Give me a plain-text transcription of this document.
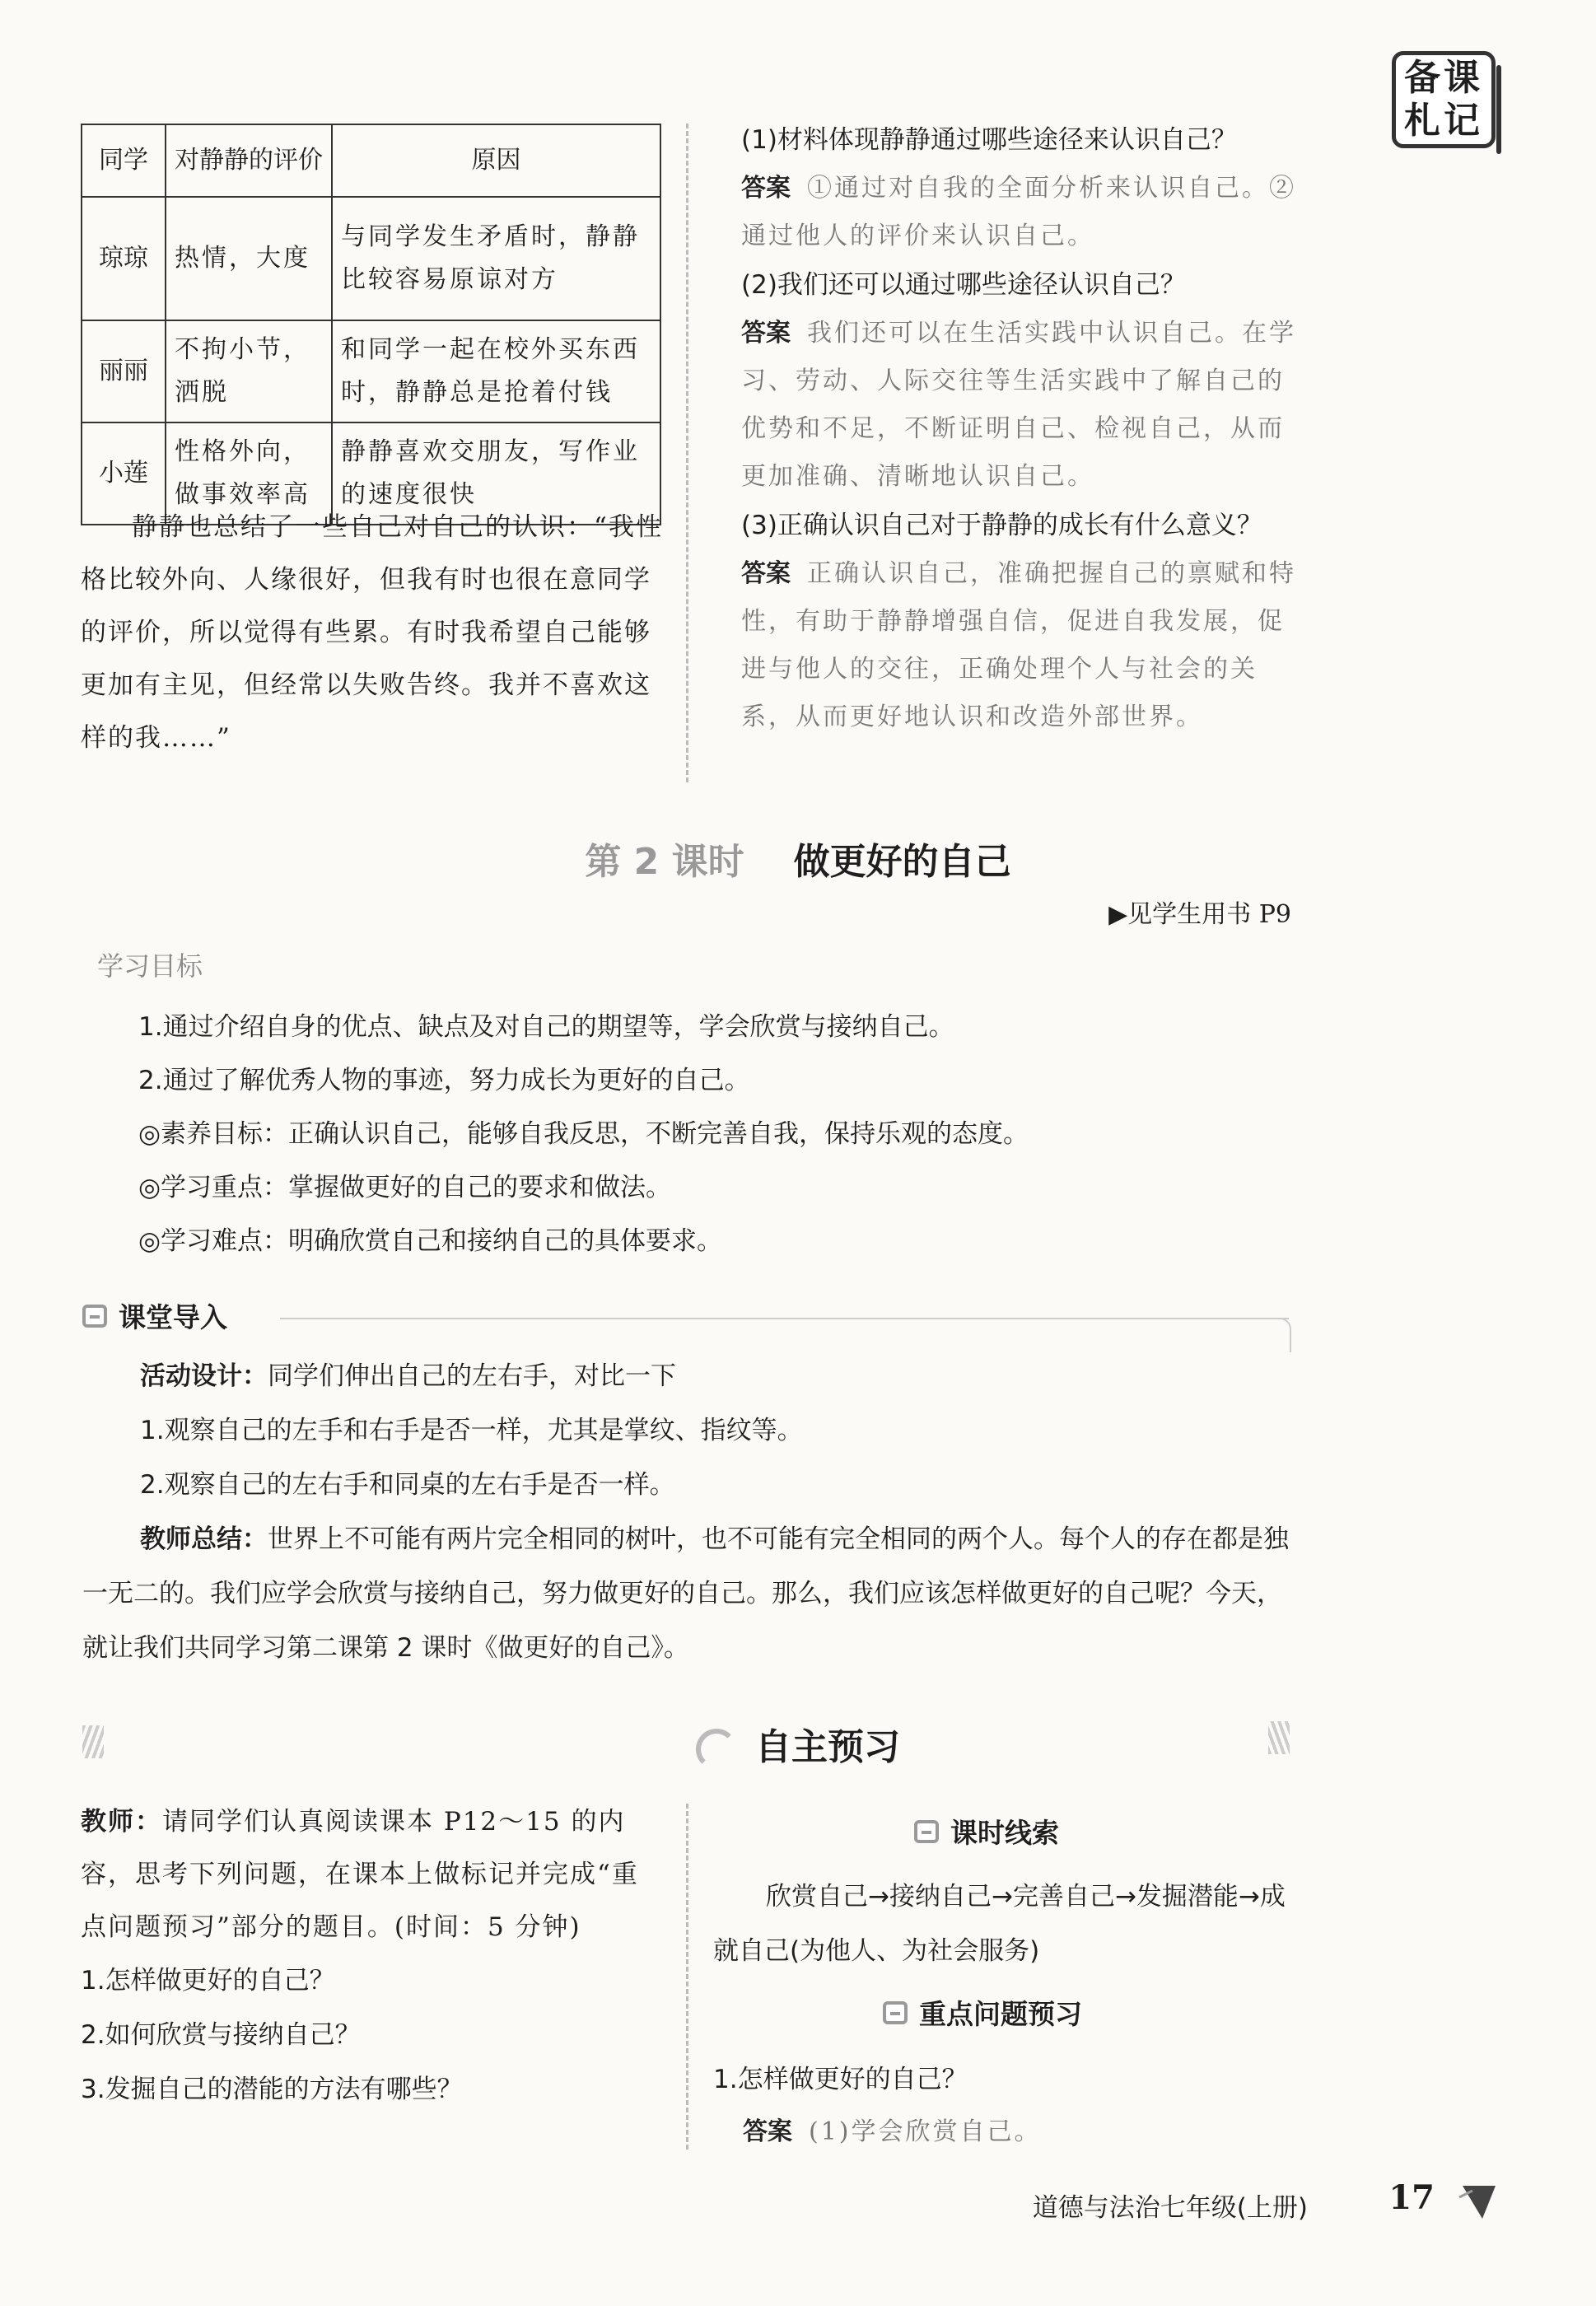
备课
札记
同学	对静静的评价	原因
琼琼	热情，大度	与同学发生矛盾时，静静比较容易原谅对方
丽丽	不拘小节，洒脱	和同学一起在校外买东西时，静静总是抢着付钱
小莲	性格外向，做事效率高	静静喜欢交朋友，写作业的速度很快
静静也总结了一些自己对自己的认识：“我性格比较外向、人缘很好，但我有时也很在意同学的评价，所以觉得有些累。有时我希望自己能够更加有主见，但经常以失败告终。我并不喜欢这样的我……”
(1)材料体现静静通过哪些途径来认识自己？
答案 ①通过对自我的全面分析来认识自己。②通过他人的评价来认识自己。
(2)我们还可以通过哪些途径认识自己？
答案 我们还可以在生活实践中认识自己。在学习、劳动、人际交往等生活实践中了解自己的优势和不足，不断证明自己、检视自己，从而更加准确、清晰地认识自己。
(3)正确认识自己对于静静的成长有什么意义？
答案 正确认识自己，准确把握自己的禀赋和特性，有助于静静增强自信，促进自我发展，促进与他人的交往，正确处理个人与社会的关系，从而更好地认识和改造外部世界。
第 2 课时 做更好的自己
▶见学生用书 P9
学习目标
1.通过介绍自身的优点、缺点及对自己的期望等，学会欣赏与接纳自己。
2.通过了解优秀人物的事迹，努力成长为更好的自己。
◎素养目标：正确认识自己，能够自我反思，不断完善自我，保持乐观的态度。
◎学习重点：掌握做更好的自己的要求和做法。
◎学习难点：明确欣赏自己和接纳自己的具体要求。
课堂导入
活动设计：同学们伸出自己的左右手，对比一下
1.观察自己的左手和右手是否一样，尤其是掌纹、指纹等。
2.观察自己的左右手和同桌的左右手是否一样。
教师总结：世界上不可能有两片完全相同的树叶，也不可能有完全相同的两个人。每个人的存在都是独一无二的。我们应学会欣赏与接纳自己，努力做更好的自己。那么，我们应该怎样做更好的自己呢？今天，就让我们共同学习第二课第 2 课时《做更好的自己》。
自主预习
教师：请同学们认真阅读课本 P12～15 的内容，思考下列问题，在课本上做标记并完成“重点问题预习”部分的题目。(时间：5 分钟)
1.怎样做更好的自己？
2.如何欣赏与接纳自己？
3.发掘自己的潜能的方法有哪些？
课时线索
欣赏自己→接纳自己→完善自己→发掘潜能→成就自己(为他人、为社会服务)
重点问题预习
1.怎样做更好的自己？
答案 (1)学会欣赏自己。
道德与法治七年级(上册) 17
